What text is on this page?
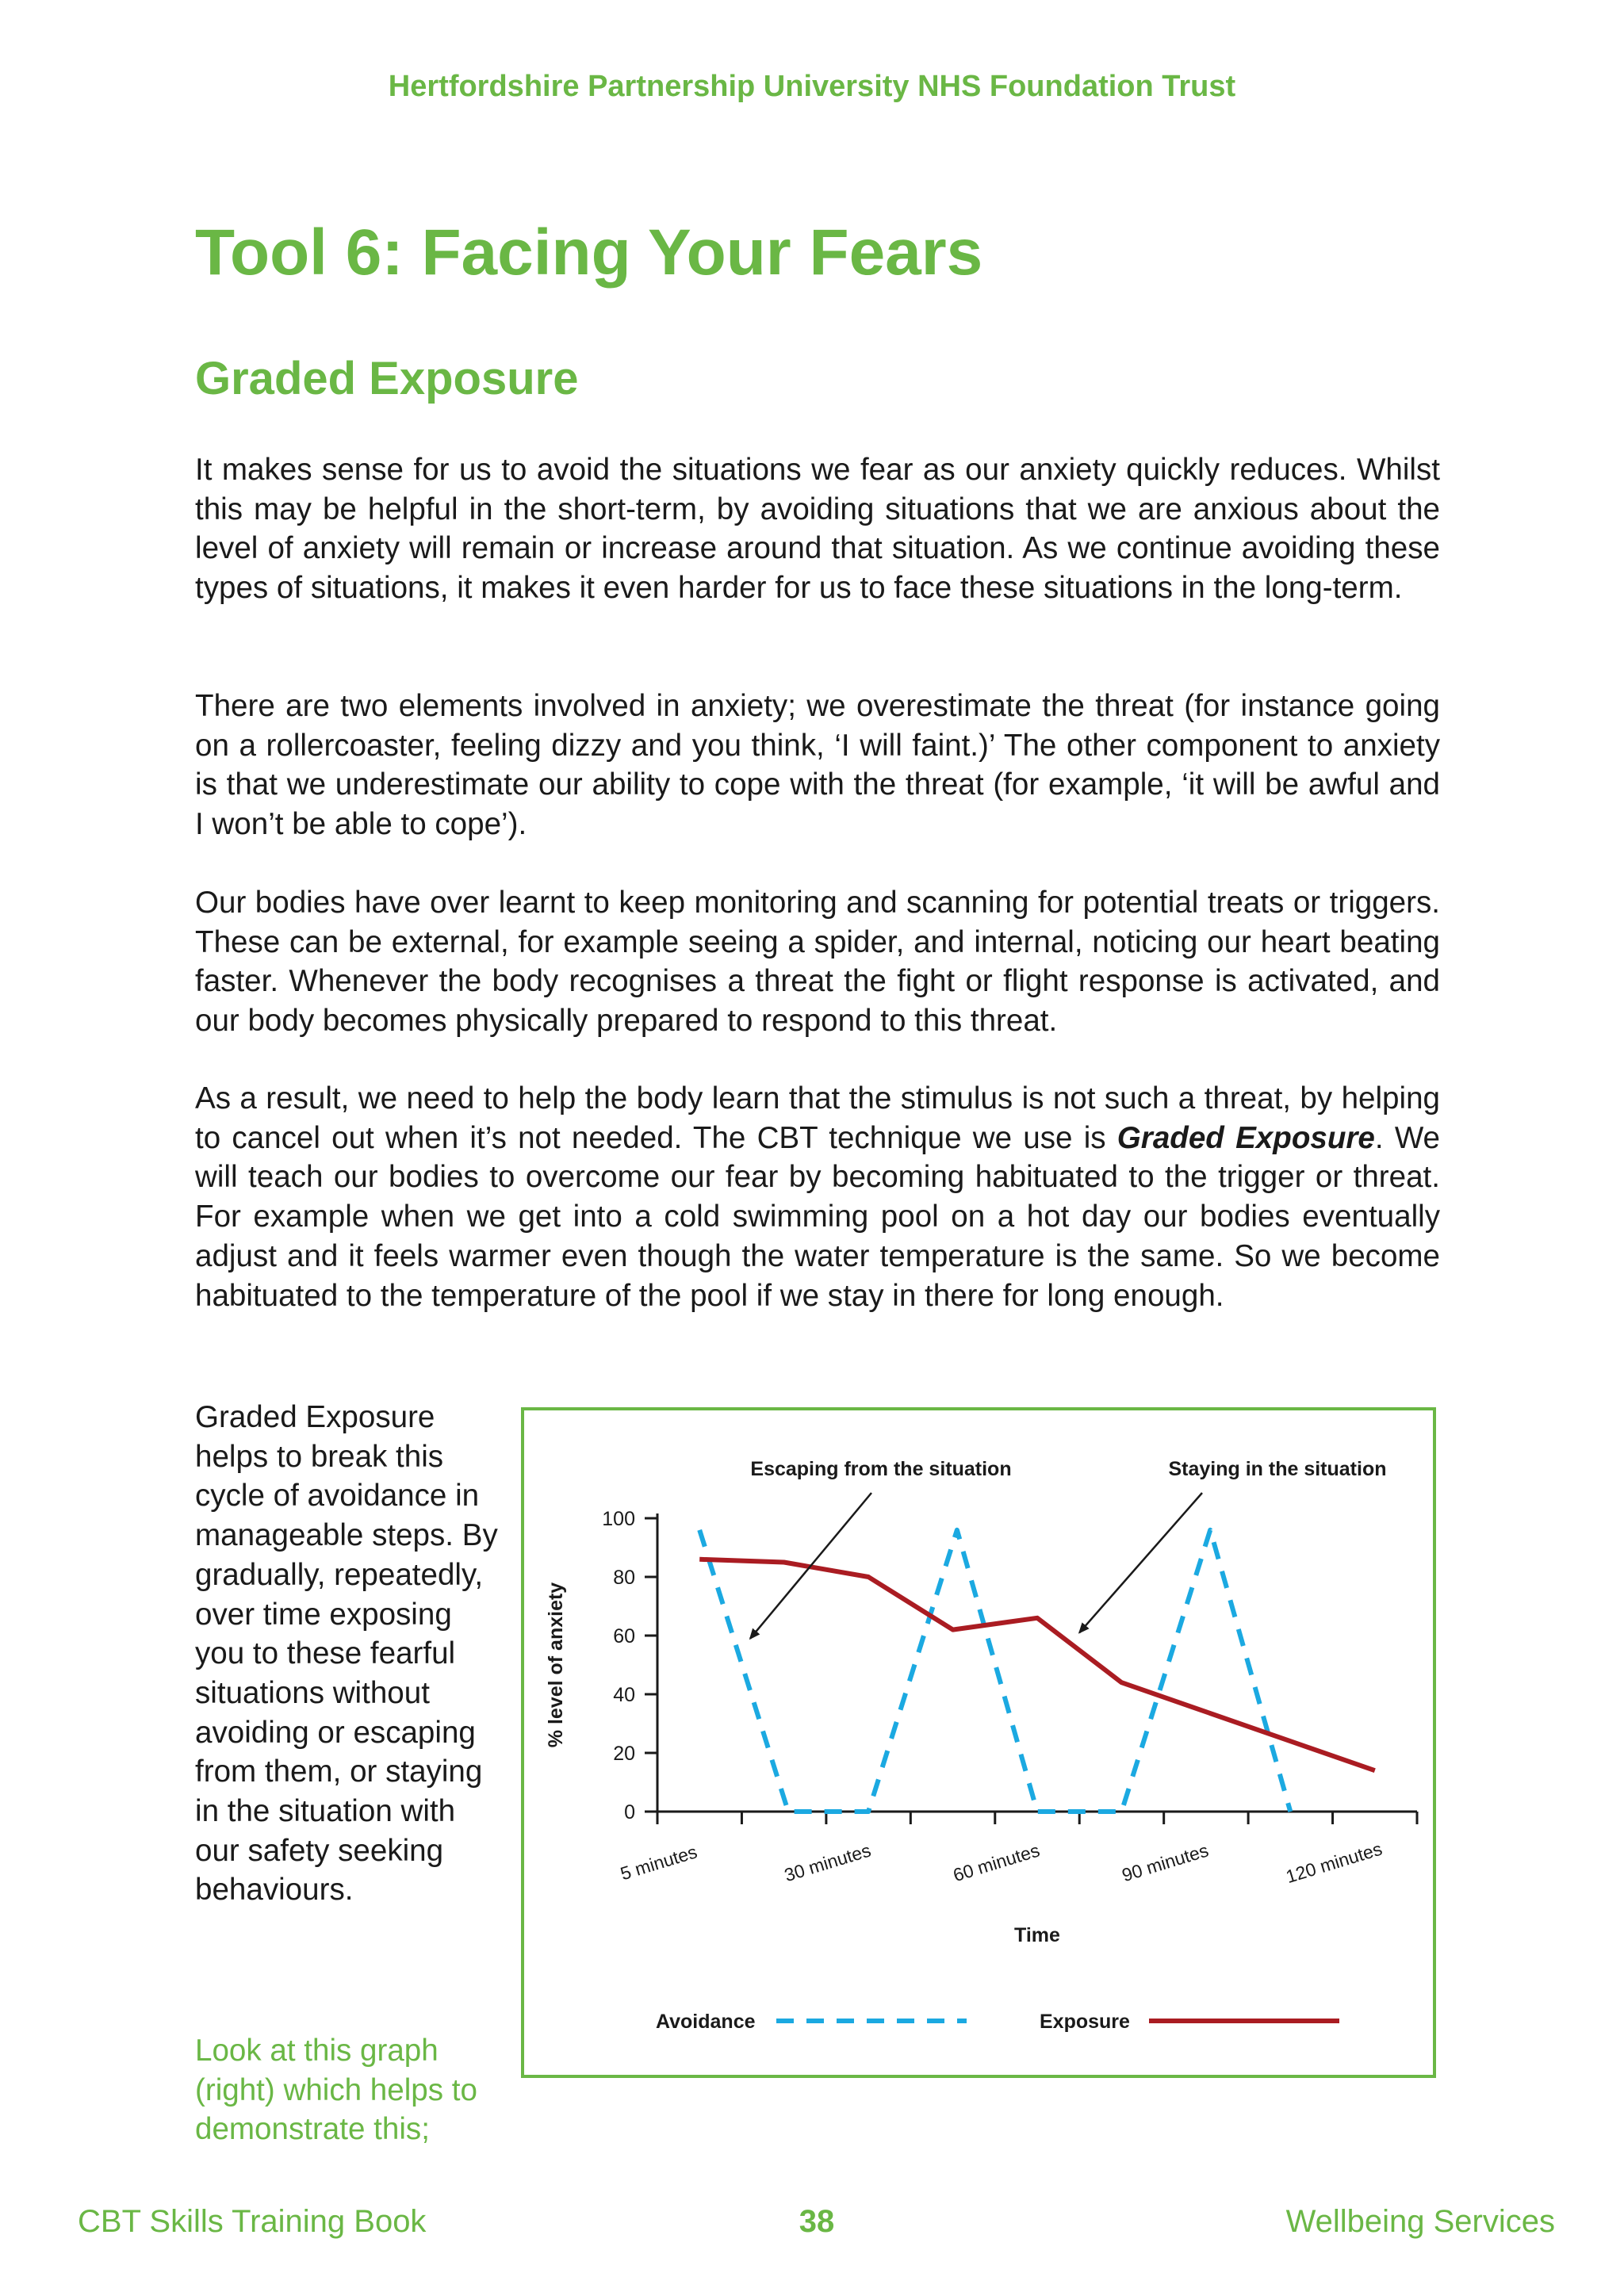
Hertfordshire Partnership University NHS Foundation Trust
Tool 6: Facing Your Fears
Graded Exposure

It makes sense for us to avoid the situations we fear as our anxiety quickly reduces. Whilst this may be helpful in the short-term, by avoiding situations that we are anxious about the level of anxiety will remain or increase around that situation. As we continue avoiding these types of situations, it makes it even harder for us to face these situations in the long-term.

There are two elements involved in anxiety; we overestimate the threat (for instance going on a rollercoaster, feeling dizzy and you think, ‘I will faint.)’ The other component to anxiety is that we underestimate our ability to cope with the threat (for example, ‘it will be awful and I won’t be able to cope’).

Our bodies have over learnt to keep monitoring and scanning for potential treats or triggers. These can be external, for example seeing a spider, and internal, noticing our heart beating faster. Whenever the body recognises a threat the fight or flight response is activated, and our body becomes physically prepared to respond to this threat.

As a result, we need to help the body learn that the stimulus is not such a threat, by helping to cancel out when it’s not needed. The CBT technique we use is Graded Exposure. We will teach our bodies to overcome our fear by becoming habituated to the trigger or threat. For example when we get into a cold swimming pool on a hot day our bodies eventually adjust and it feels warmer even though the water temperature is the same. So we become habituated to the temperature of the pool if we stay in there for long enough.

Graded Exposure helps to break this cycle of avoidance in manageable steps. By gradually, repeatedly, over time exposing you to these fearful situations without avoiding or escaping from them, or staying in the situation with our safety seeking behaviours.

Look at this graph (right) which helps to demonstrate this;

0
20
40
60
80
100
% level of anxiety
5 minutes	30 minutes	60 minutes	90 minutes	120 minutes
Time
Escaping from the situation	Staying in the situation
Avoidance	Exposure
CBT Skills Training Book	38	Wellbeing Services
